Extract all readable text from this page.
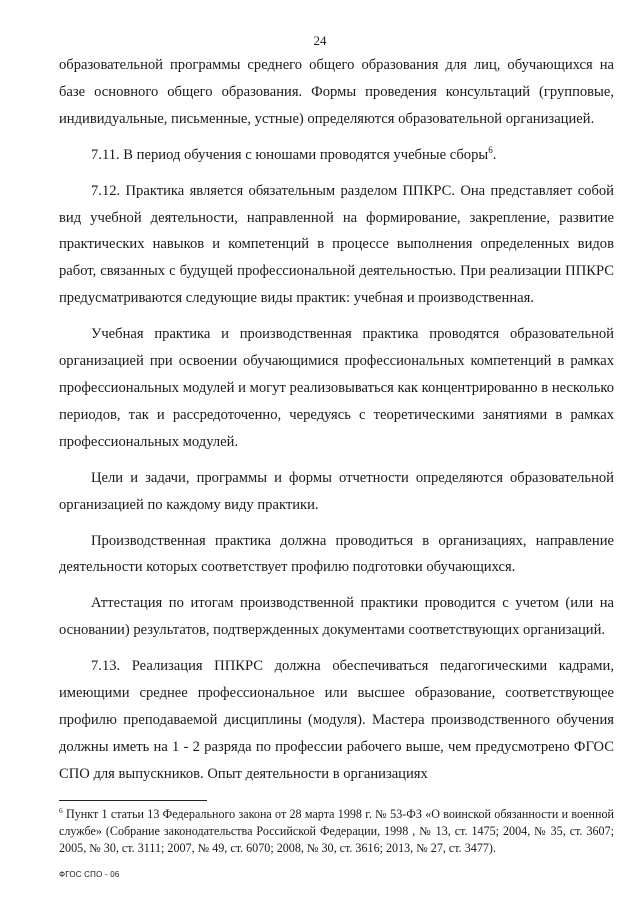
24

образовательной программы среднего общего образования для лиц, обучающихся на базе основного общего образования. Формы проведения консультаций (групповые, индивидуальные, письменные, устные) определяются образовательной организацией.

7.11. В период обучения с юношами проводятся учебные сборы$^6$.

7.12. Практика является обязательным разделом ППКРС. Она представляет собой вид учебной деятельности, направленной на формирование, закрепление, развитие практических навыков и компетенций в процессе выполнения определенных видов работ, связанных с будущей профессиональной деятельностью. При реализации ППКРС предусматриваются следующие виды практик: учебная и производственная.

Учебная практика и производственная практика проводятся образовательной организацией при освоении обучающимися профессиональных компетенций в рамках профессиональных модулей и могут реализовываться как концентрированно в несколько периодов, так и рассредоточенно, чередуясь с теоретическими занятиями в рамках профессиональных модулей.

Цели и задачи, программы и формы отчетности определяются образовательной организацией по каждому виду практики.

Производственная практика должна проводиться в организациях, направление деятельности которых соответствует профилю подготовки обучающихся.

Аттестация по итогам производственной практики проводится с учетом (или на основании) результатов, подтвержденных документами соответствующих организаций.

7.13. Реализация ППКРС должна обеспечиваться педагогическими кадрами, имеющими среднее профессиональное или высшее образование, соответствующее профилю преподаваемой дисциплины (модуля). Мастера производственного обучения должны иметь на 1 - 2 разряда по профессии рабочего выше, чем предусмотрено ФГОС СПО для выпускников. Опыт деятельности в организациях

$^6$ Пункт 1 статьи 13 Федерального закона от 28 марта 1998 г. № 53-ФЗ «О воинской обязанности и военной службе» (Собрание законодательства Российской Федерации, 1998 , № 13, ст. 1475; 2004, № 35, ст. 3607; 2005, № 30, ст. 3111; 2007, № 49, ст. 6070; 2008, № 30, ст. 3616; 2013, № 27, ст. 3477).

ФГОС СПО - 06
